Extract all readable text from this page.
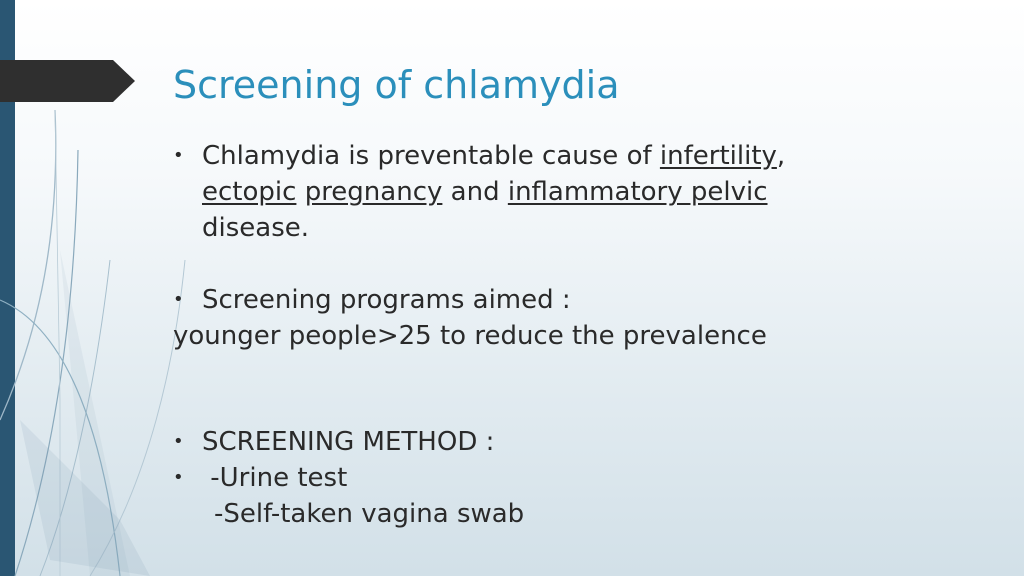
Screening of chlamydia
• Chlamydia is preventable cause of infertility,
ectopic pregnancy and inflammatory pelvic
disease.
• Screening programs aimed :

younger people>25 to reduce the prevalence

• SCREENING METHOD :
• -Urine test
-Self-taken vagina swab
